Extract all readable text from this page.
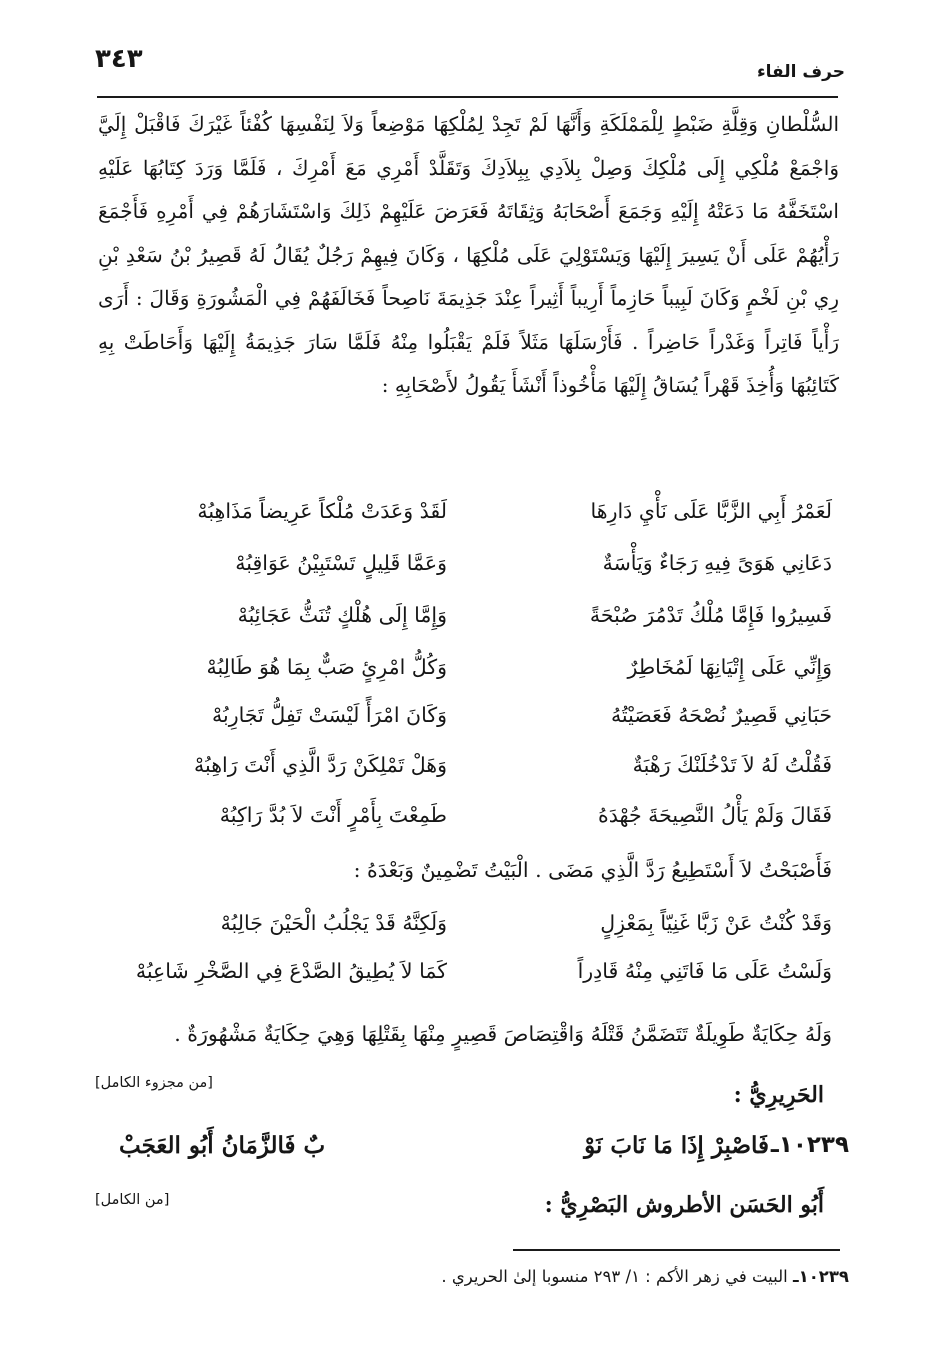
حرف الفاء
٣٤٣

السُّلْطانِ وَقِلَّةِ ضَبْطٍ لِلْمَمْلَكَةِ وَأَنَّهَا لَمْ تَجِدْ لِمُلْكِهَا مَوْضِعاً وَلاَ لِنَفْسِهَا كُفْئاً غَيْرَكَ فَاقْبَلْ إِلَيَّ وَاجْمَعْ مُلْكِي إِلَى مُلْكِكَ وَصِلْ بِلاَدِي بِبِلاَدِكَ وَتَقَلَّدْ أَمْرِي مَعَ أَمْرِكَ ، فَلَمَّا وَرَدَ كِتَابُهَا عَلَيْهِ اسْتَخَفَّهُ مَا دَعَتْهُ إِلَيْهِ وَجَمَعَ أَصْحَابَهُ وَثِقَاتَهُ فَعَرَضَ عَلَيْهِمْ ذَلِكَ وَاسْتَشَارَهُمْ فِي أَمْرِهِ فَأَجْمَعَ رَأْيُهُمْ عَلَى أَنْ يَسِيرَ إِلَيْهَا وَيَسْتَوْلِيَ عَلَى مُلْكِهَا ، وَكَانَ فِيهِمْ رَجُلٌ يُقَالُ لَهُ قَصِيرُ بْنُ سَعْدِ بْنِ رِي بْنِ لَخْمٍ وَكَانَ لَبِيباً حَازِماً أَرِيباً أَثِيراً عِنْدَ جَذِيمَةَ نَاصِحاً فَخَالَفَهُمْ فِي الْمَشُورَةِ وَقَالَ : أَرَى رَأْياً فَاتِراً وَغَدْراً حَاضِراً . فَأَرْسَلَهَا مَثَلاً فَلَمْ يَقْبَلُوا مِنْهُ فَلَمَّا سَارَ جَذِيمَةُ إِلَيْهَا وَأَحَاطَتْ بِهِ كَتَائِبُهَا وَأُخِذَ قَهْراً يُسَاقُ إِلَيْهَا مَأْخُوذاً أَنْشَأَ يَقُولُ لأَصْحَابِهِ :

لَعَمْرُ أَبِي الزَّبَّا عَلَى نَأْيِ دَارِهَا
لَقَدْ وَعَدَتْ مُلْكاً عَرِيضاً مَذَاهِبُهْ
دَعَانِي هَوَىً فِيهِ رَجَاءٌ وَيَأْسَةٌ
وَعَمَّا قَلِيلٍ تَسْتَبِيْنُ عَوَاقِبُهْ
فَسِيرُوا فَإِمَّا مُلْكُ تَدْمُرَ صُبْحَةً
وَإِمَّا إِلَى هُلْكٍ تُنَثُّ عَجَائِبُهْ
وَإِنِّي عَلَى إِتْيَانِهَا لَمُخَاطِرٌ
وَكُلُّ امْرِئٍ صَبٌّ بِمَا هُوَ طَالِبُهْ
حَبَانِي قَصِيرٌ نُصْحَهُ فَعَصَيْتُهُ
وَكَانَ امْرَأً لَيْسَتْ تَفِلُّ تَجَارِبُهْ
فَقُلْتُ لَهُ لاَ تَدْخُلَنْكَ رَهْبَةٌ
وَهَلْ تَمْلِكَنْ رَدَّ الَّذِي أَنْتَ رَاهِبُهْ
فَقَالَ وَلَمْ يَأْلُ النَّصِيحَةَ جُهْدَهُ
طَمِعْتَ بِأَمْرٍ أَنْتَ لاَ بُدَّ رَاكِبُهْ
فَأَصْبَحْتُ لاَ أَسْتَطِيعُ رَدَّ الَّذِي مَضَى . الْبَيْتُ تَضْمِينٌ وَبَعْدَهُ :
وَقَدْ كُنْتُ عَنْ زَبَّا غَنِيّاً بِمَعْزِلٍ
وَلَكِنَّهُ قَدْ يَجْلُبُ الْحَيْنَ جَالِبُهْ
وَلَسْتُ عَلَى مَا فَاتَنِي مِنْهُ قَادِراً
كَمَا لاَ يُطِيقُ الصَّدْعَ فِي الصَّخْرِ شَاعِبُهْ
وَلَهُ حِكَايَةٌ طَوِيلَةٌ تَتَضَمَّنُ قَتْلَهُ وَاقْتِصَاصَ قَصِيرٍ مِنْهَا بِقَتْلِهَا وَهِيَ حِكَايَةٌ مَشْهُورَةٌ .
الحَرِيرِيُّ :
[من مجزوء الكامل]
١٠٢٣٩ـ
فَاصْبِرْ إِذَا مَا نَابَ نَوْ
بٌ فَالزَّمَانُ أَبُو العَجَبْ
أَبُو الحَسَن الأطروش البَصْرِيُّ :
[من الكامل]
١٠٢٣٩ـ البيت في زهر الأكم : ١/ ٢٩٣ منسوبا إلىٰ الحريري .
